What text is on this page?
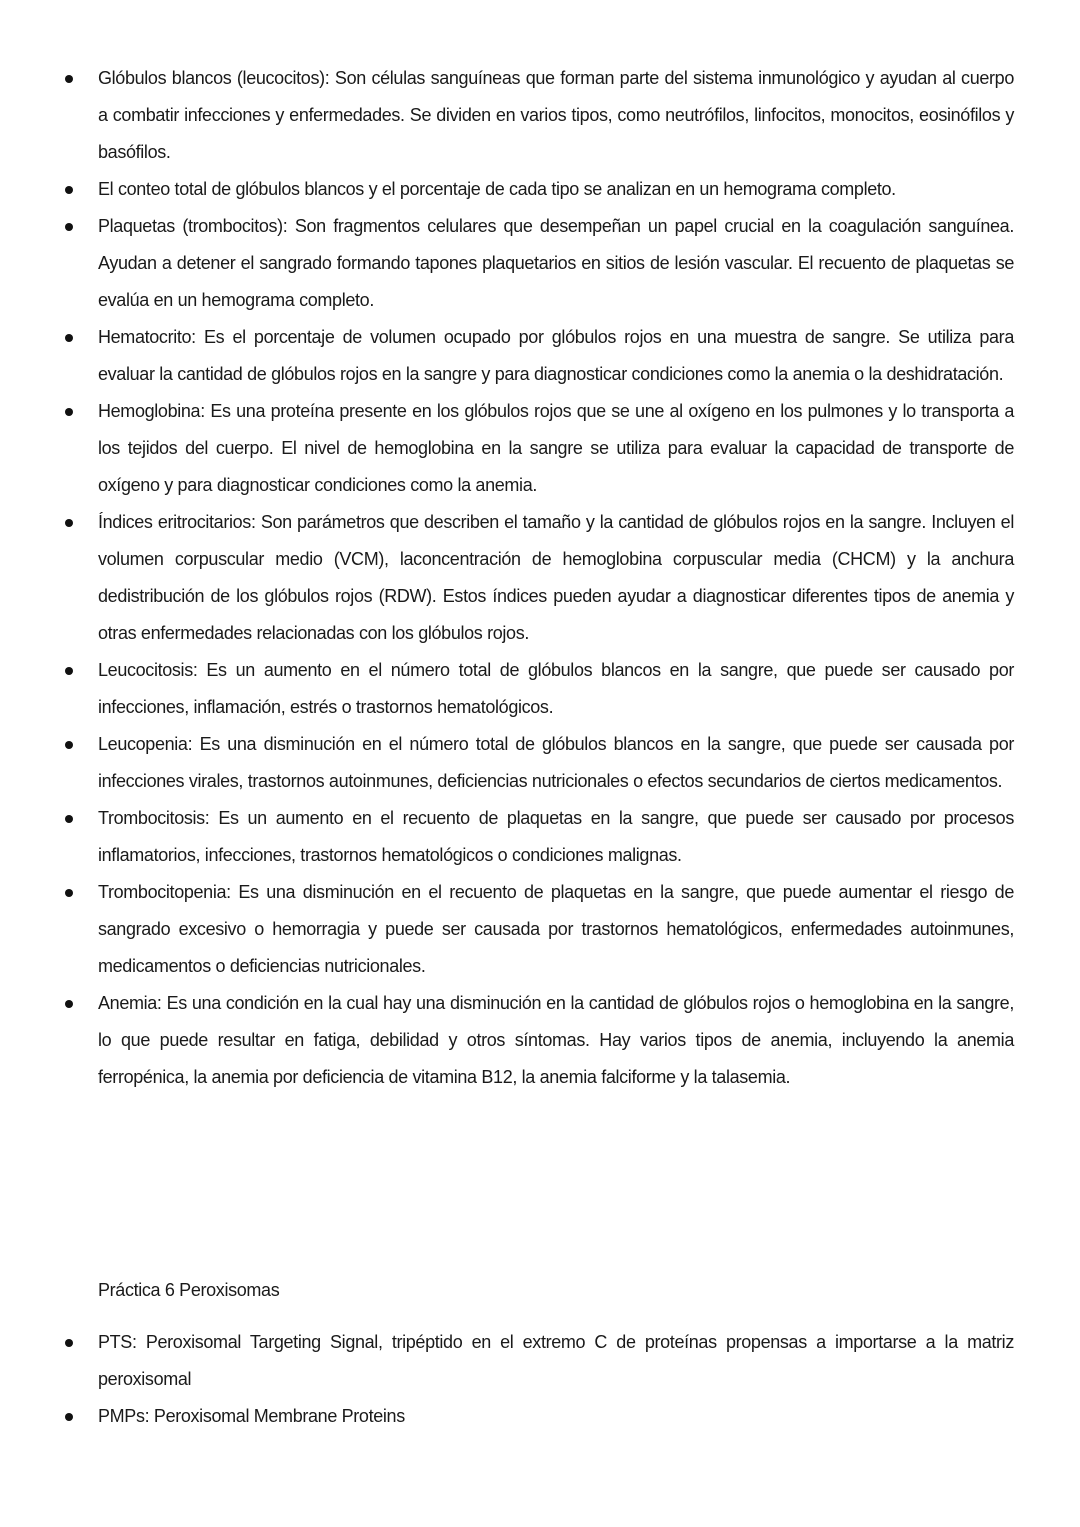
Glóbulos blancos (leucocitos): Son células sanguíneas que forman parte del sistema inmunológico y ayudan al cuerpo a combatir infecciones y enfermedades. Se dividen en varios tipos, como neutrófilos, linfocitos, monocitos, eosinófilos y basófilos.
El conteo total de glóbulos blancos y el porcentaje de cada tipo se analizan en un hemograma completo.
Plaquetas (trombocitos): Son fragmentos celulares que desempeñan un papel crucial en la coagulación sanguínea. Ayudan a detener el sangrado formando tapones plaquetarios en sitios de lesión vascular. El recuento de plaquetas se evalúa en un hemograma completo.
Hematocrito: Es el porcentaje de volumen ocupado por glóbulos rojos en una muestra de sangre. Se utiliza para evaluar la cantidad de glóbulos rojos en la sangre y para diagnosticar condiciones como la anemia o la deshidratación.
Hemoglobina: Es una proteína presente en los glóbulos rojos que se une al oxígeno en los pulmones y lo transporta a los tejidos del cuerpo. El nivel de hemoglobina en la sangre se utiliza para evaluar la capacidad de transporte de oxígeno y para diagnosticar condiciones como la anemia.
Índices eritrocitarios: Son parámetros que describen el tamaño y la cantidad de glóbulos rojos en la sangre. Incluyen el volumen corpuscular medio (VCM), laconcentración de hemoglobina corpuscular media (CHCM) y la anchura dedistribución de los glóbulos rojos (RDW). Estos índices pueden ayudar a diagnosticar diferentes tipos de anemia y otras enfermedades relacionadas con los glóbulos rojos.
Leucocitosis: Es un aumento en el número total de glóbulos blancos en la sangre, que puede ser causado por infecciones, inflamación, estrés o trastornos hematológicos.
Leucopenia: Es una disminución en el número total de glóbulos blancos en la sangre, que puede ser causada por infecciones virales, trastornos autoinmunes, deficiencias nutricionales o efectos secundarios de ciertos medicamentos.
Trombocitosis: Es un aumento en el recuento de plaquetas en la sangre, que puede ser causado por procesos inflamatorios, infecciones, trastornos hematológicos o condiciones malignas.
Trombocitopenia: Es una disminución en el recuento de plaquetas en la sangre, que puede aumentar el riesgo de sangrado excesivo o hemorragia y puede ser causada por trastornos hematológicos, enfermedades autoinmunes, medicamentos o deficiencias nutricionales.
Anemia: Es una condición en la cual hay una disminución en la cantidad de glóbulos rojos o hemoglobina en la sangre, lo que puede resultar en fatiga, debilidad y otros síntomas. Hay varios tipos de anemia, incluyendo la anemia ferropénica, la anemia por deficiencia de vitamina B12, la anemia falciforme y la talasemia.
Práctica 6 Peroxisomas
PTS: Peroxisomal Targeting Signal, tripéptido en el extremo C de proteínas propensas a importarse a la matriz peroxisomal
PMPs: Peroxisomal Membrane Proteins
